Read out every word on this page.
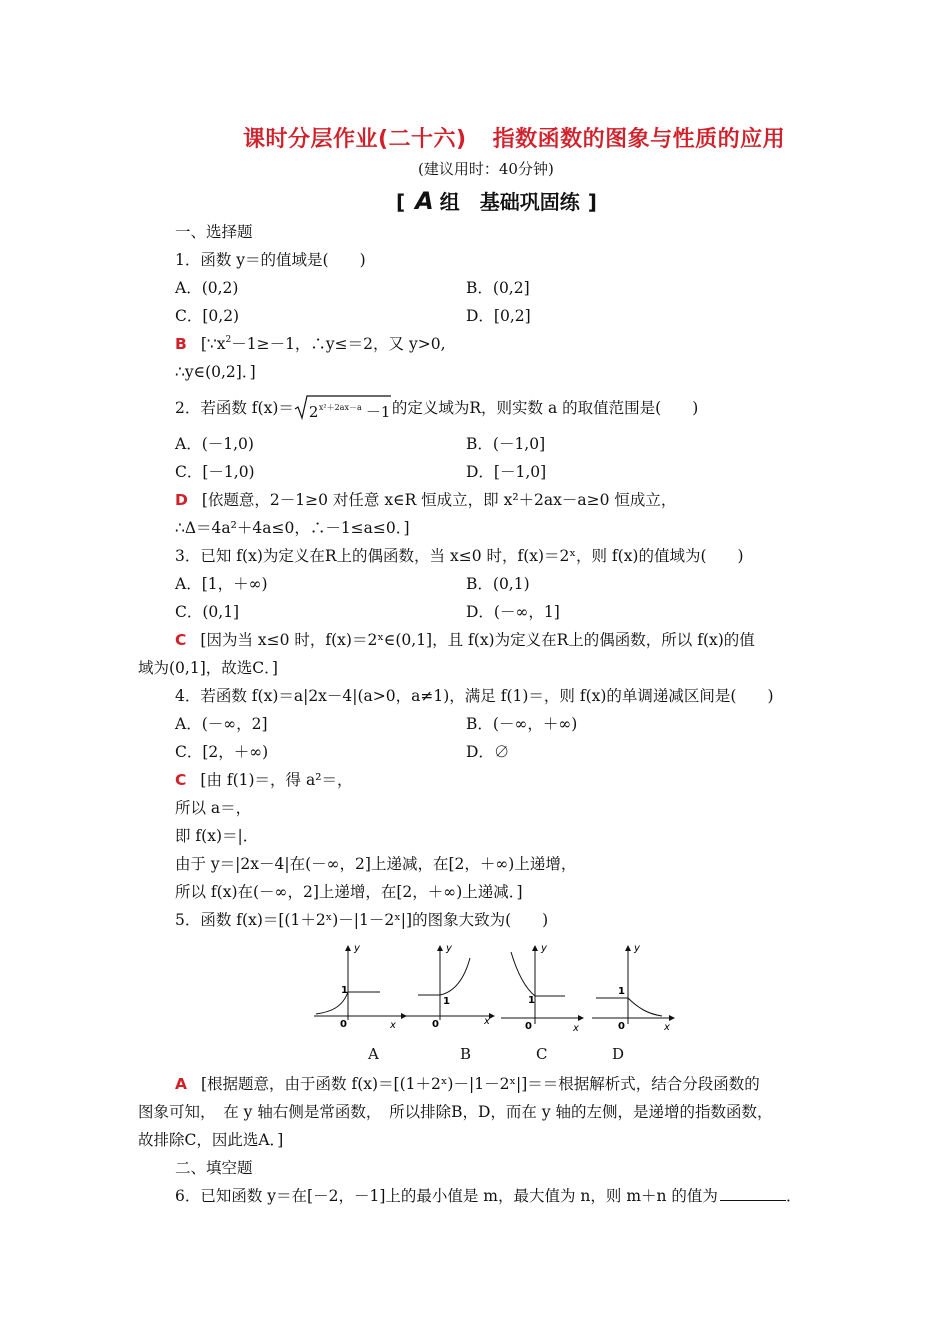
课时分层作业(二十六) 指数函数的图象与性质的应用
(建议用时：40分钟)
[ A 组　基础巩固练 ]
一、选择题
1．函数 y＝的值域是(　　)
A．(0,2)	B．(0,2]
C．[0,2)	D．[0,2]
B [$\because x^2-1\ge-1$，∴y≤＝2，又 y>0,
∴y∈(0,2]．]
2．若函数 f(x)＝ 2 x²＋2ax－a －1 的定义域为R，则实数 a 的取值范围是(　　)
A．(－1,0)	B．(－1,0]
C．[－1,0)	D．[－1,0]
D [依题意，2－1≥0 对任意 x∈R 恒成立，即 x²＋2ax－a≥0 恒成立，
∴Δ＝4a²＋4a≤0，∴－1≤a≤0．]
3．已知 f(x)为定义在R上的偶函数，当 x≤0 时，f(x)＝2ˣ，则 f(x)的值域为(　　)
A．[1，＋∞)	B．(0,1)
C．(0,1]	D．(－∞，1]
C [因为当 x≤0 时，f(x)＝2ˣ∈(0,1]，且 f(x)为定义在R上的偶函数，所以 f(x)的值
域为(0,1]，故选C．]
4．若函数 f(x)＝a|2x－4|(a>0，a≠1)，满足 f(1)＝，则 f(x)的单调递减区间是(　　)
A．(－∞，2]	B．(－∞，＋∞)
C．[2，＋∞)	D．∅
C [由 f(1)＝，得 a²＝，
所以 a＝，
即 f(x)＝|．
由于 y＝|2x－4|在(－∞，2]上递减，在[2，＋∞)上递增，
所以 f(x)在(－∞，2]上递增，在[2，＋∞)上递减．]
5．函数 f(x)＝[(1＋2ˣ)－|1－2ˣ|]的图象大致为(　　)
y
x
0
1
A
y
x
0
1
B
y
x
0
1
C
y
x
0
1
D
A [根据题意，由于函数 f(x)＝[(1＋2ˣ)－|1－2ˣ|]＝＝根据解析式，结合分段函数的
图象可知，　在 y 轴右侧是常函数，　所以排除B，D，而在 y 轴的左侧，是递增的指数函数，
故排除C，因此选A．]
二、填空题
6．已知函数 y＝在[－2，－1]上的最小值是 m，最大值为 n，则 m＋n 的值为	．
